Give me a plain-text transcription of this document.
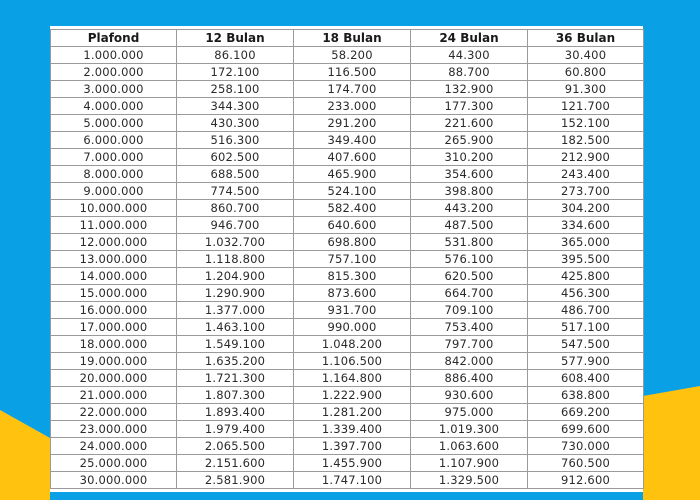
Plafond	12 Bulan	18 Bulan	24 Bulan	36 Bulan
1.000.000	86.100	58.200	44.300	30.400
2.000.000	172.100	116.500	88.700	60.800
3.000.000	258.100	174.700	132.900	91.300
4.000.000	344.300	233.000	177.300	121.700
5.000.000	430.300	291.200	221.600	152.100
6.000.000	516.300	349.400	265.900	182.500
7.000.000	602.500	407.600	310.200	212.900
8.000.000	688.500	465.900	354.600	243.400
9.000.000	774.500	524.100	398.800	273.700
10.000.000	860.700	582.400	443.200	304.200
11.000.000	946.700	640.600	487.500	334.600
12.000.000	1.032.700	698.800	531.800	365.000
13.000.000	1.118.800	757.100	576.100	395.500
14.000.000	1.204.900	815.300	620.500	425.800
15.000.000	1.290.900	873.600	664.700	456.300
16.000.000	1.377.000	931.700	709.100	486.700
17.000.000	1.463.100	990.000	753.400	517.100
18.000.000	1.549.100	1.048.200	797.700	547.500
19.000.000	1.635.200	1.106.500	842.000	577.900
20.000.000	1.721.300	1.164.800	886.400	608.400
21.000.000	1.807.300	1.222.900	930.600	638.800
22.000.000	1.893.400	1.281.200	975.000	669.200
23.000.000	1.979.400	1.339.400	1.019.300	699.600
24.000.000	2.065.500	1.397.700	1.063.600	730.000
25.000.000	2.151.600	1.455.900	1.107.900	760.500
30.000.000	2.581.900	1.747.100	1.329.500	912.600
